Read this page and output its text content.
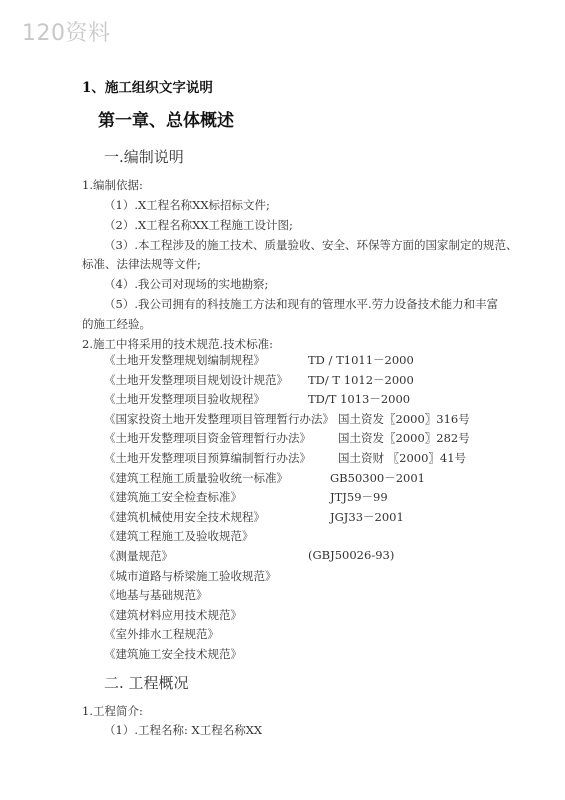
120资料
1、施工组织文字说明
第一章、总体概述
一.编制说明
1.编制依据:
（1）.X工程名称XX标招标文件;
（2）.X工程名称XX工程施工设计图;
（3）.本工程涉及的施工技术、质量验收、安全、环保等方面的国家制定的规范、
标准、法律法规等文件;
（4）.我公司对现场的实地勘察;
（5）.我公司拥有的科技施工方法和现有的管理水平.劳力设备技术能力和丰富
的施工经验。
2.施工中将采用的技术规范.技术标准:
《土地开发整理规划编制规程》	TD / T1011－2000
《土地开发整理项目规划设计规范》 TD/ T 1012－2000
《土地开发整理项目验收规程》	TD/T 1013－2000
《国家投资土地开发整理项目管理暂行办法》 国土资发〖2000〗316号
《土地开发整理项目资金管理暂行办法》 国土资发〖2000〗282号
《土地开发整理项目预算编制暂行办法》 国土资财 〖2000〗41号
《建筑工程施工质量验收统一标准》	GB50300－2001
《建筑施工安全检查标准》	JTJ59－99
《建筑机械使用安全技术规程》	JGJ33－2001
《建筑工程施工及验收规范》
《测量规范》	(GBJ50026-93)
《城市道路与桥梁施工验收规范》
《地基与基础规范》
《建筑材料应用技术规范》
《室外排水工程规范》
《建筑施工安全技术规范》
二. 工程概况
1.工程简介:
（1）.工程名称: X工程名称XX
